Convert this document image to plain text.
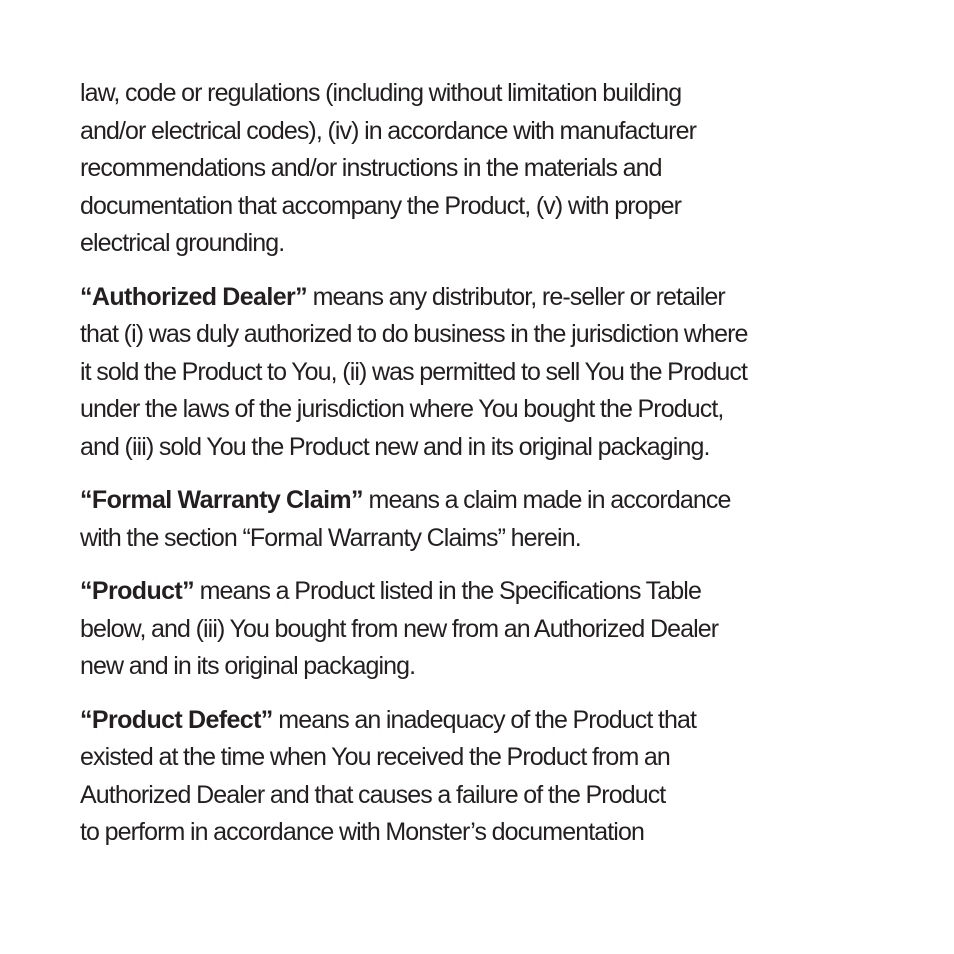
law, code or regulations (including without limitation building
and/or electrical codes), (iv) in accordance with manufacturer
recommendations and/or instructions in the materials and
documentation that accompany the Product, (v) with proper
electrical grounding.

“Authorized Dealer” means any distributor, re-seller or retailer
that (i) was duly authorized to do business in the jurisdiction where
it sold the Product to You, (ii) was permitted to sell You the Product
under the laws of the jurisdiction where You bought the Product,
and (iii) sold You the Product new and in its original packaging.

“Formal Warranty Claim” means a claim made in accordance
with the section “Formal Warranty Claims” herein.

“Product” means a Product listed in the Specifications Table
below, and (iii) You bought from new from an Authorized Dealer
new and in its original packaging.

“Product Defect” means an inadequacy of the Product that
existed at the time when You received the Product from an
Authorized Dealer and that causes a failure of the Product
to perform in accordance with Monster’s documentation
